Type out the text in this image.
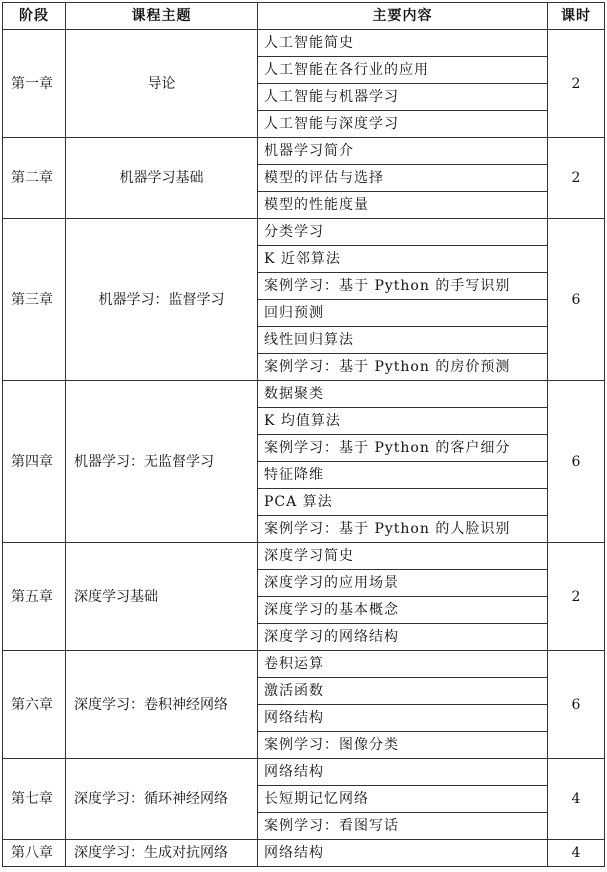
阶段	课程主题	主要内容	课时
第一章	导论	人工智能简史	2
		人工智能在各行业的应用	
		人工智能与机器学习	
		人工智能与深度学习	
第二章	机器学习基础	机器学习简介	2
		模型的评估与选择	
		模型的性能度量	
第三章	机器学习：监督学习	分类学习	6
		K 近邻算法	
		案例学习：基于 Python 的手写识别	
		回归预测	
		线性回归算法	
		案例学习：基于 Python 的房价预测	
第四章	机器学习：无监督学习	数据聚类	6
		K 均值算法	
		案例学习：基于 Python 的客户细分	
		特征降维	
		PCA 算法	
		案例学习：基于 Python 的人脸识别	
第五章	深度学习基础	深度学习简史	2
		深度学习的应用场景	
		深度学习的基本概念	
		深度学习的网络结构	
第六章	深度学习：卷积神经网络	卷积运算	6
		激活函数	
		网络结构	
		案例学习：图像分类	
第七章	深度学习：循环神经网络	网络结构	4
		长短期记忆网络	
		案例学习：看图写话	
第八章	深度学习：生成对抗网络	网络结构	4
